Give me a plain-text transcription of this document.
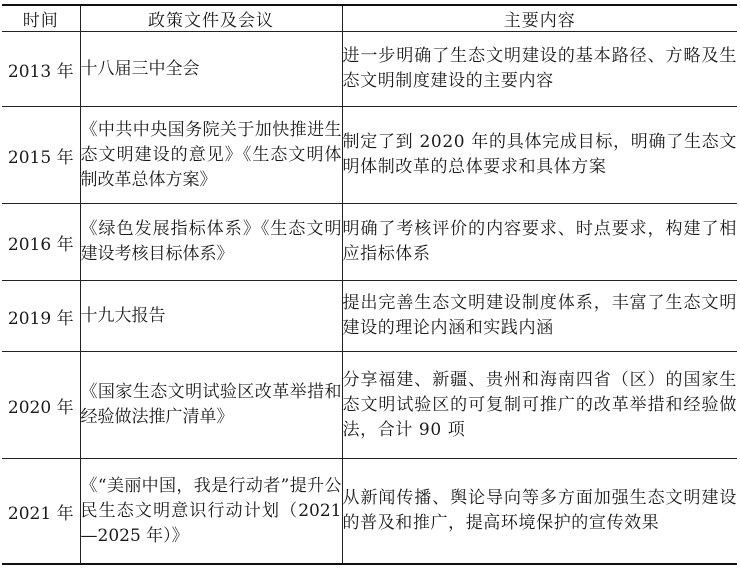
时间	政策文件及会议	主要内容
2013 年	十八届三中全会	进一步明确了生态文明建设的基本路径、方略及生态文明制度建设的主要内容
2015 年	《中共中央国务院关于加快推进生态文明建设的意见》《生态文明体制改革总体方案》	制定了到 2020 年的具体完成目标，明确了生态文明体制改革的总体要求和具体方案
2016 年	《绿色发展指标体系》《生态文明建设考核目标体系》	明确了考核评价的内容要求、时点要求，构建了相应指标体系
2019 年	十九大报告	提出完善生态文明建设制度体系，丰富了生态文明建设的理论内涵和实践内涵
2020 年	《国家生态文明试验区改革举措和经验做法推广清单》	分享福建、新疆、贵州和海南四省（区）的国家生态文明试验区的可复制可推广的改革举措和经验做法，合计 90 项
2021 年	《“美丽中国，我是行动者”提升公民生态文明意识行动计划（2021—2025 年）》	从新闻传播、舆论导向等多方面加强生态文明建设的普及和推广，提高环境保护的宣传效果
